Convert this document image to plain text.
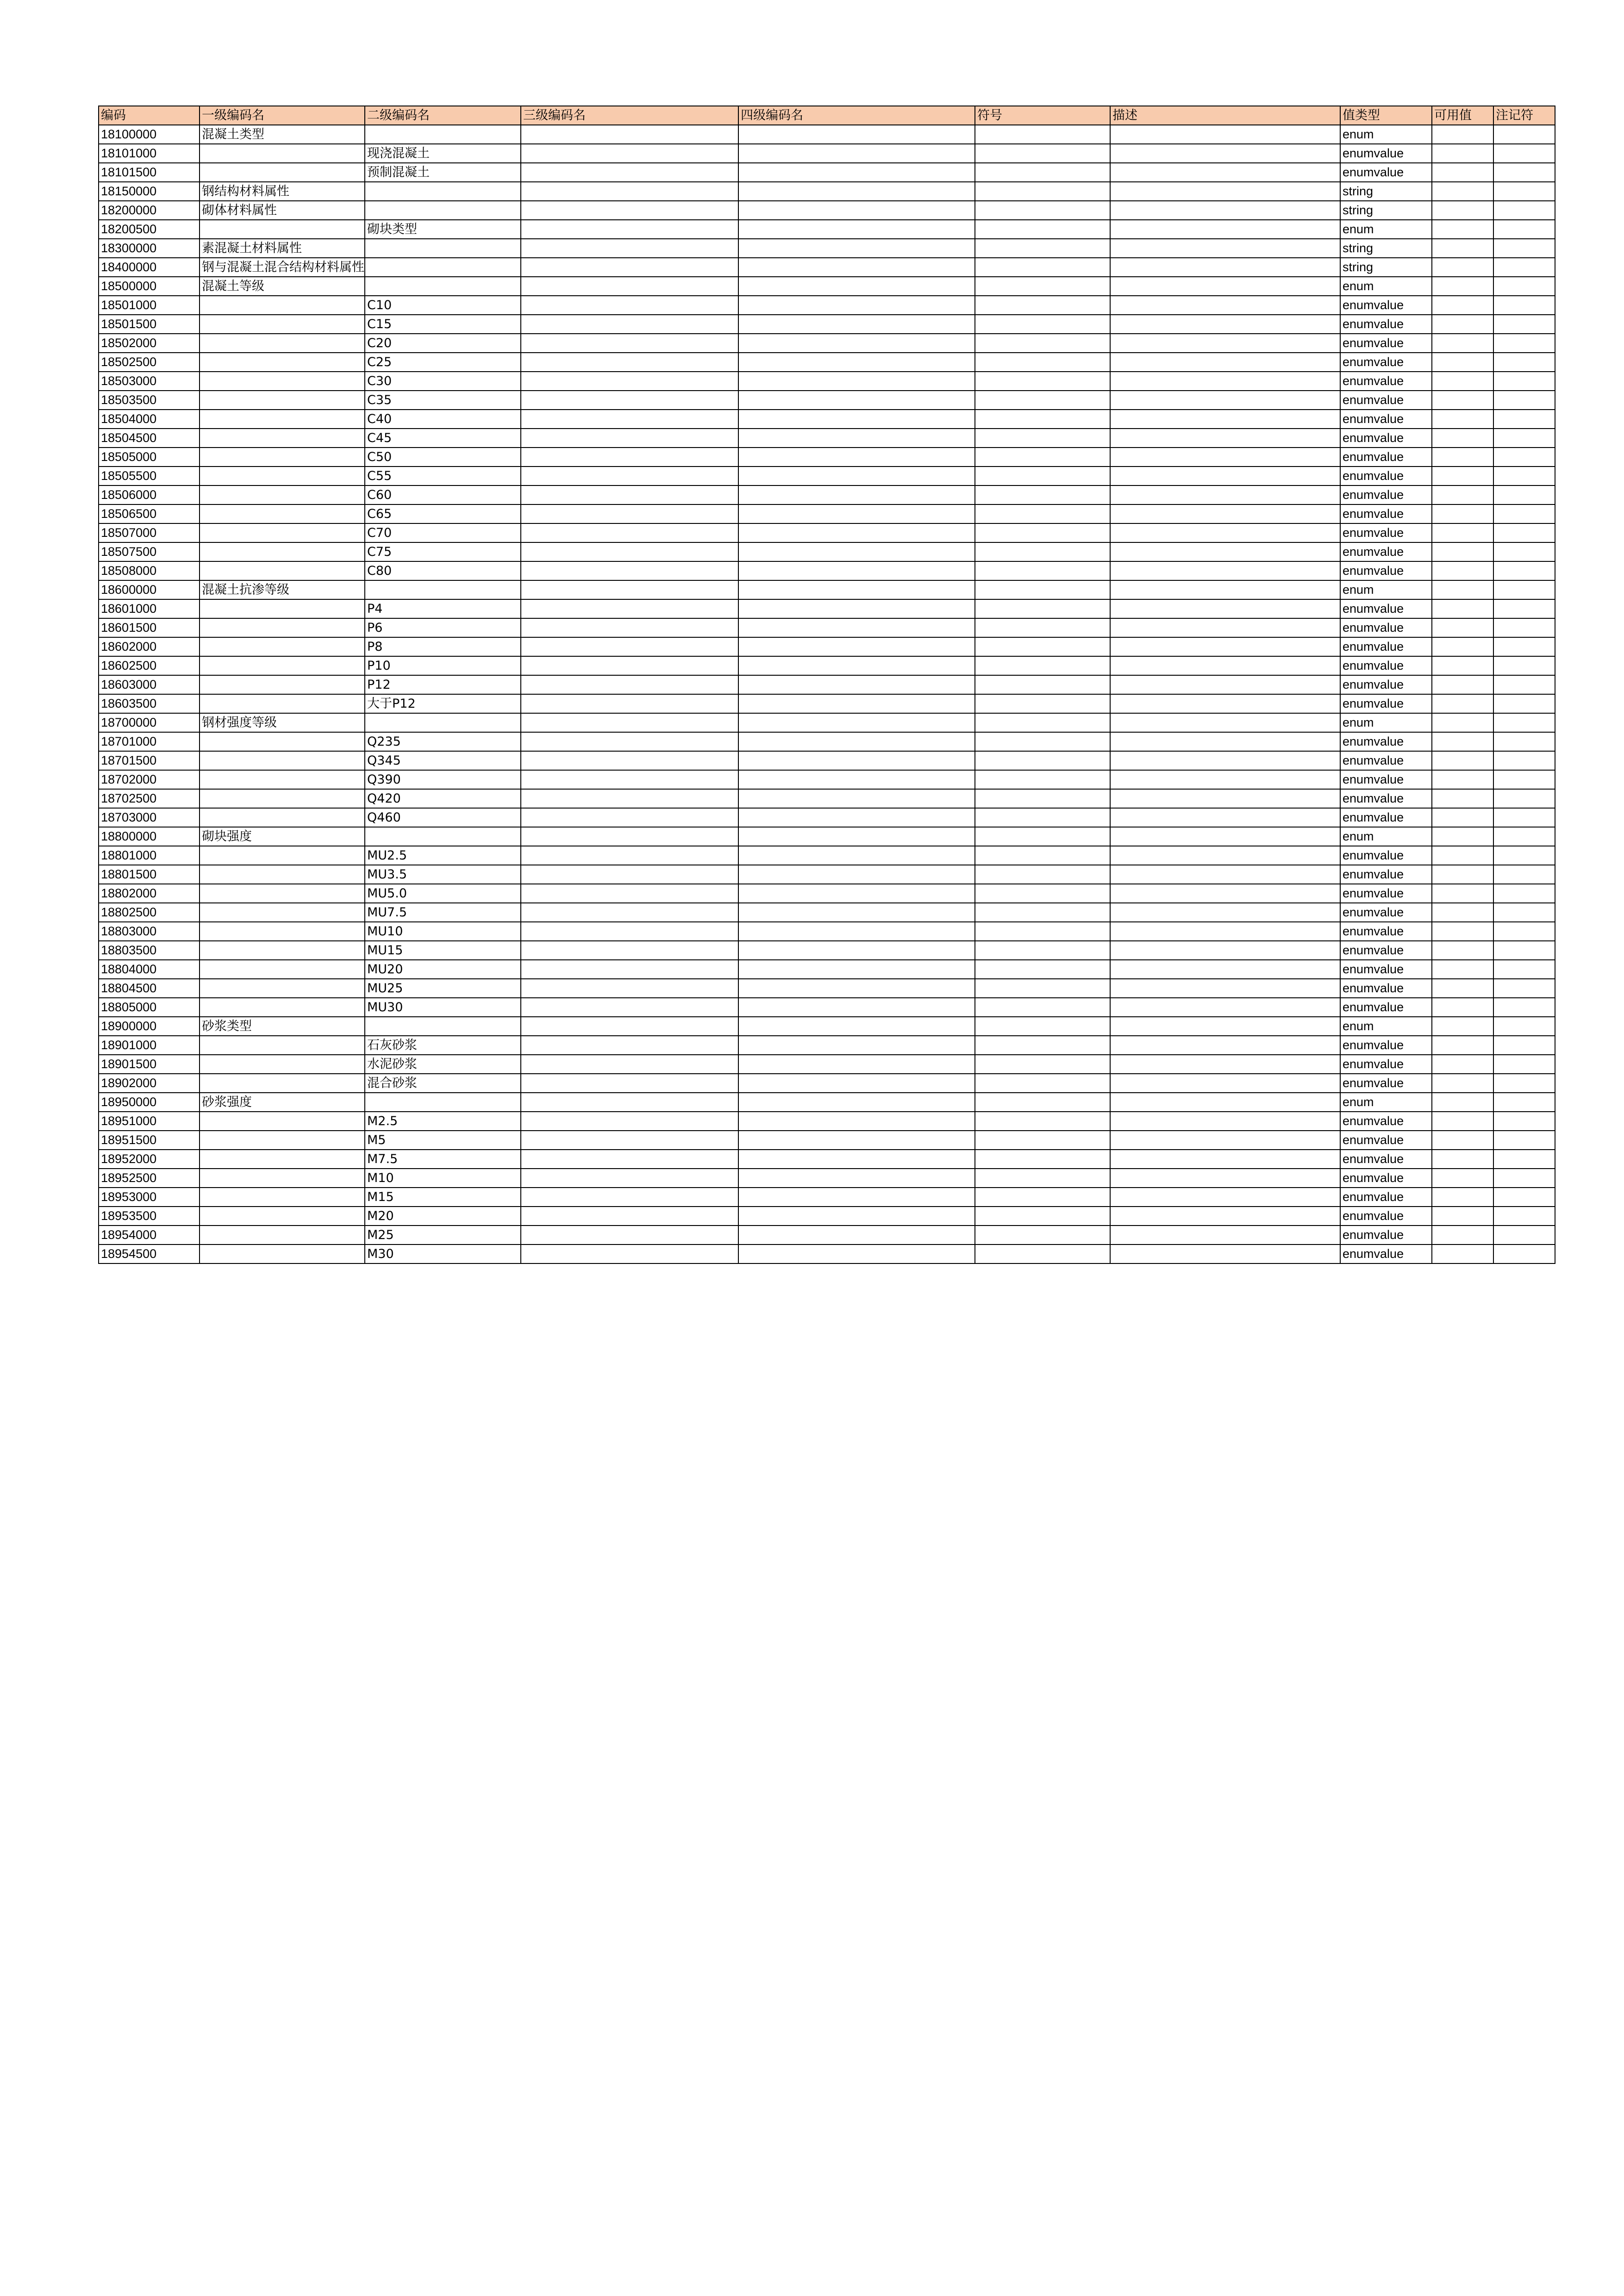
编码	一级编码名	二级编码名	三级编码名	四级编码名	符号	描述	值类型	可用值	注记符
18100000	混凝土类型						enum		
18101000		现浇混凝土					enumvalue		
18101500		预制混凝土					enumvalue		
18150000	钢结构材料属性						string		
18200000	砌体材料属性						string		
18200500		砌块类型					enum		
18300000	素混凝土材料属性						string		
18400000	钢与混凝土混合结构材料属性						string		
18500000	混凝土等级						enum		
18501000		C10					enumvalue		
18501500		C15					enumvalue		
18502000		C20					enumvalue		
18502500		C25					enumvalue		
18503000		C30					enumvalue		
18503500		C35					enumvalue		
18504000		C40					enumvalue		
18504500		C45					enumvalue		
18505000		C50					enumvalue		
18505500		C55					enumvalue		
18506000		C60					enumvalue		
18506500		C65					enumvalue		
18507000		C70					enumvalue		
18507500		C75					enumvalue		
18508000		C80					enumvalue		
18600000	混凝土抗渗等级						enum		
18601000		P4					enumvalue		
18601500		P6					enumvalue		
18602000		P8					enumvalue		
18602500		P10					enumvalue		
18603000		P12					enumvalue		
18603500		大于P12					enumvalue		
18700000	钢材强度等级						enum		
18701000		Q235					enumvalue		
18701500		Q345					enumvalue		
18702000		Q390					enumvalue		
18702500		Q420					enumvalue		
18703000		Q460					enumvalue		
18800000	砌块强度						enum		
18801000		MU2.5					enumvalue		
18801500		MU3.5					enumvalue		
18802000		MU5.0					enumvalue		
18802500		MU7.5					enumvalue		
18803000		MU10					enumvalue		
18803500		MU15					enumvalue		
18804000		MU20					enumvalue		
18804500		MU25					enumvalue		
18805000		MU30					enumvalue		
18900000	砂浆类型						enum		
18901000		石灰砂浆					enumvalue		
18901500		水泥砂浆					enumvalue		
18902000		混合砂浆					enumvalue		
18950000	砂浆强度						enum		
18951000		M2.5					enumvalue		
18951500		M5					enumvalue		
18952000		M7.5					enumvalue		
18952500		M10					enumvalue		
18953000		M15					enumvalue		
18953500		M20					enumvalue		
18954000		M25					enumvalue		
18954500		M30					enumvalue		
